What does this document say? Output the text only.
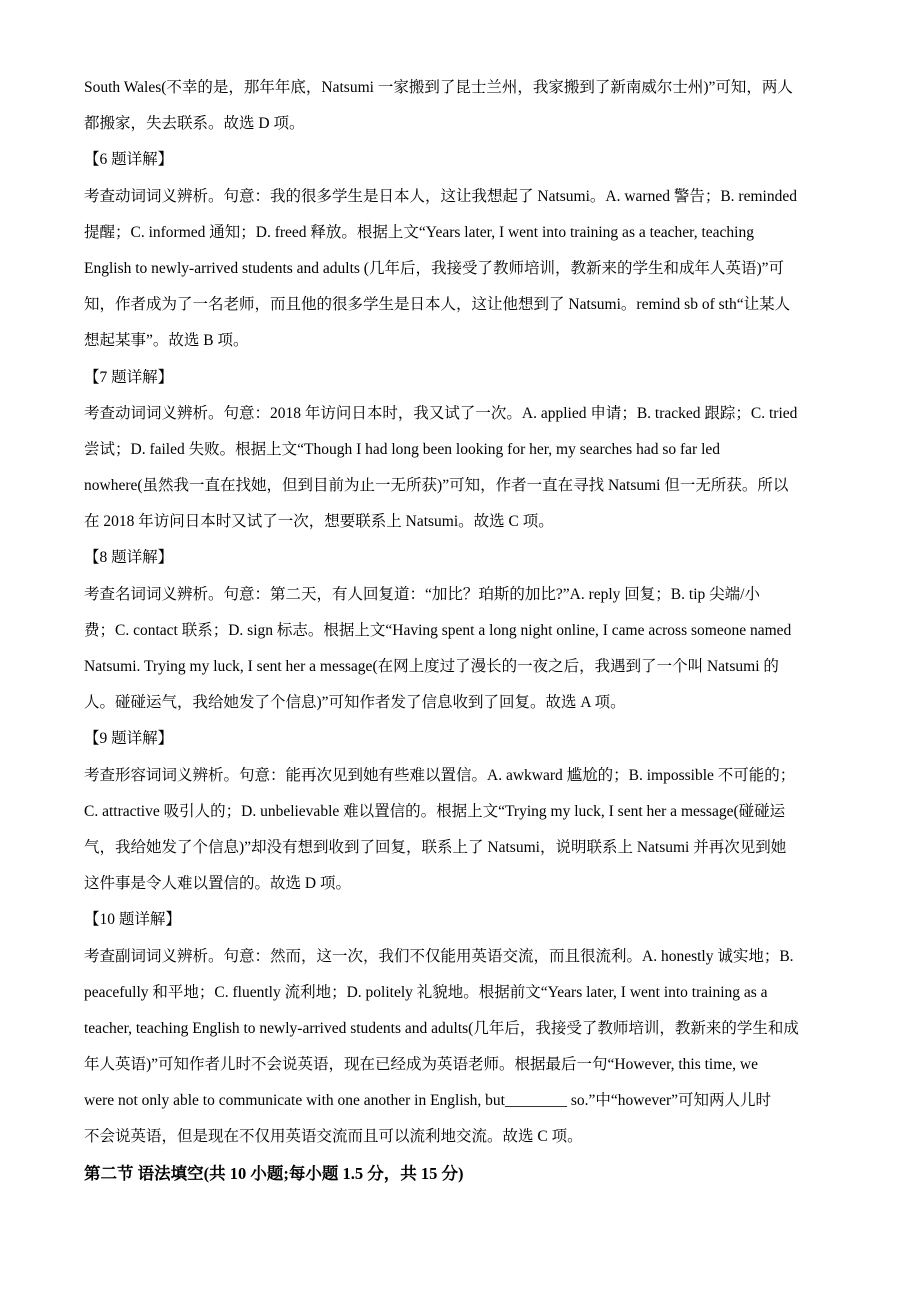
South Wales(不幸的是，那年年底，Natsumi 一家搬到了昆士兰州，我家搬到了新南威尔士州)”可知，两人
都搬家，失去联系。故选 D 项。
【6 题详解】
考查动词词义辨析。句意：我的很多学生是日本人，这让我想起了 Natsumi。A. warned 警告；B. reminded
提醒；C. informed 通知；D. freed 释放。根据上文“Years later, I went into training as a teacher, teaching
English to newly-arrived students and adults (几年后，我接受了教师培训，教新来的学生和成年人英语)”可
知，作者成为了一名老师，而且他的很多学生是日本人，这让他想到了 Natsumi。remind sb of sth“让某人
想起某事”。故选 B 项。
【7 题详解】
考查动词词义辨析。句意：2018 年访问日本时，我又试了一次。A. applied 申请；B. tracked 跟踪；C. tried
尝试；D. failed 失败。根据上文“Though I had long been looking for her, my searches had so far led
nowhere(虽然我一直在找她，但到目前为止一无所获)”可知，作者一直在寻找 Natsumi 但一无所获。所以
在 2018 年访问日本时又试了一次，想要联系上 Natsumi。故选 C 项。
【8 题详解】
考查名词词义辨析。句意：第二天，有人回复道：“加比？珀斯的加比?”A. reply 回复；B. tip 尖端/小
费；C. contact 联系；D. sign 标志。根据上文“Having spent a long night online, I came across someone named
Natsumi. Trying my luck, I sent her a message(在网上度过了漫长的一夜之后，我遇到了一个叫 Natsumi 的
人。碰碰运气，我给她发了个信息)”可知作者发了信息收到了回复。故选 A 项。
【9 题详解】
考查形容词词义辨析。句意：能再次见到她有些难以置信。A. awkward 尴尬的；B. impossible 不可能的；
C. attractive 吸引人的；D. unbelievable 难以置信的。根据上文“Trying my luck, I sent her a message(碰碰运
气，我给她发了个信息)”却没有想到收到了回复，联系上了 Natsumi，说明联系上 Natsumi 并再次见到她
这件事是令人难以置信的。故选 D 项。
【10 题详解】
考查副词词义辨析。句意：然而，这一次，我们不仅能用英语交流，而且很流利。A. honestly 诚实地；B.
peacefully 和平地；C. fluently 流利地；D. politely 礼貌地。根据前文“Years later, I went into training as a
teacher, teaching English to newly-arrived students and adults(几年后，我接受了教师培训，教新来的学生和成
年人英语)”可知作者儿时不会说英语，现在已经成为英语老师。根据最后一句“However, this time, we
were not only able to communicate with one another in English, but________ so.”中“however”可知两人儿时
不会说英语，但是现在不仅用英语交流而且可以流利地交流。故选 C 项。
第二节 语法填空(共 10 小题;每小题 1.5 分，共 15 分)
